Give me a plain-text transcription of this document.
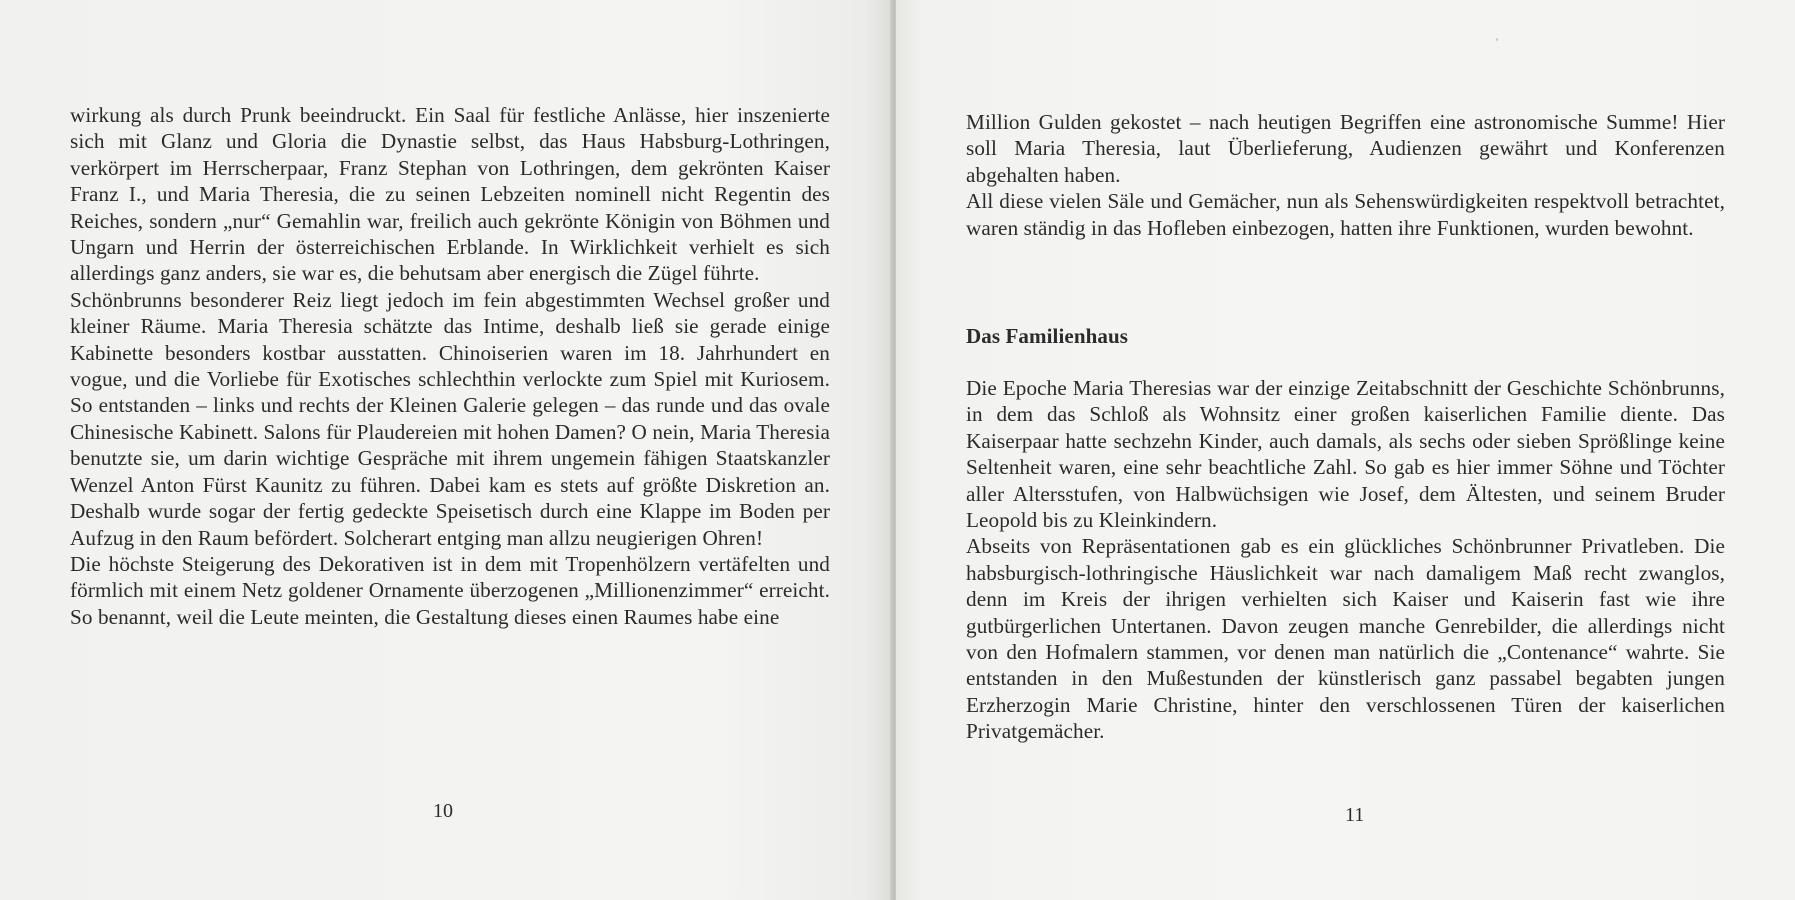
wirkung als durch Prunk beeindruckt. Ein Saal für festliche Anlässe, hier inszenierte sich mit Glanz und Gloria die Dynastie selbst, das Haus Habsburg-Lothringen, verkörpert im Herrscherpaar, Franz Stephan von Lothringen, dem gekrönten Kaiser Franz I., und Maria Theresia, die zu seinen Lebzeiten nominell nicht Regentin des Reiches, sondern „nur“ Gemahlin war, freilich auch gekrönte Königin von Böhmen und Ungarn und Herrin der österreichischen Erblande. In Wirklichkeit verhielt es sich allerdings ganz anders, sie war es, die behutsam aber energisch die Zügel führte.

Schönbrunns besonderer Reiz liegt jedoch im fein abgestimmten Wechsel großer und kleiner Räume. Maria Theresia schätzte das Intime, deshalb ließ sie gerade einige Kabinette besonders kostbar ausstatten. Chinoiserien waren im 18. Jahrhundert en vogue, und die Vorliebe für Exotisches schlechthin verlockte zum Spiel mit Kuriosem. So entstanden – links und rechts der Kleinen Galerie gelegen – das runde und das ovale Chinesische Kabinett. Salons für Plaudereien mit hohen Damen? O nein, Maria Theresia benutzte sie, um darin wichtige Gespräche mit ihrem ungemein fähigen Staatskanzler Wenzel Anton Fürst Kaunitz zu führen. Dabei kam es stets auf größte Diskretion an. Deshalb wurde sogar der fertig gedeckte Speisetisch durch eine Klappe im Boden per Aufzug in den Raum befördert. Solcherart entging man allzu neugierigen Ohren!

Die höchste Steigerung des Dekorativen ist in dem mit Tropenhölzern vertäfelten und förmlich mit einem Netz goldener Ornamente überzogenen „Millionenzimmer“ erreicht. So benannt, weil die Leute meinten, die Gestaltung dieses einen Raumes habe eine

10

Million Gulden gekostet – nach heutigen Begriffen eine astronomische Summe! Hier soll Maria Theresia, laut Überlieferung, Audienzen gewährt und Konferenzen abgehalten haben.

All diese vielen Säle und Gemächer, nun als Sehenswürdigkeiten respektvoll betrachtet, waren ständig in das Hofleben einbezogen, hatten ihre Funktionen, wurden bewohnt.

Das Familienhaus

Die Epoche Maria Theresias war der einzige Zeitabschnitt der Geschichte Schönbrunns, in dem das Schloß als Wohnsitz einer großen kaiserlichen Familie diente. Das Kaiserpaar hatte sechzehn Kinder, auch damals, als sechs oder sieben Sprößlinge keine Seltenheit waren, eine sehr beachtliche Zahl. So gab es hier immer Söhne und Töchter aller Altersstufen, von Halbwüchsigen wie Josef, dem Ältesten, und seinem Bruder Leopold bis zu Kleinkindern.

Abseits von Repräsentationen gab es ein glückliches Schönbrunner Privatleben. Die habsburgisch-lothringische Häuslichkeit war nach damaligem Maß recht zwanglos, denn im Kreis der ihrigen verhielten sich Kaiser und Kaiserin fast wie ihre gutbürgerlichen Untertanen. Davon zeugen manche Genrebilder, die allerdings nicht von den Hofmalern stammen, vor denen man natürlich die „Contenance“ wahrte. Sie entstanden in den Mußestunden der künstlerisch ganz passabel begabten jungen Erzherzogin Marie Christine, hinter den verschlossenen Türen der kaiserlichen Privatgemächer.

11
